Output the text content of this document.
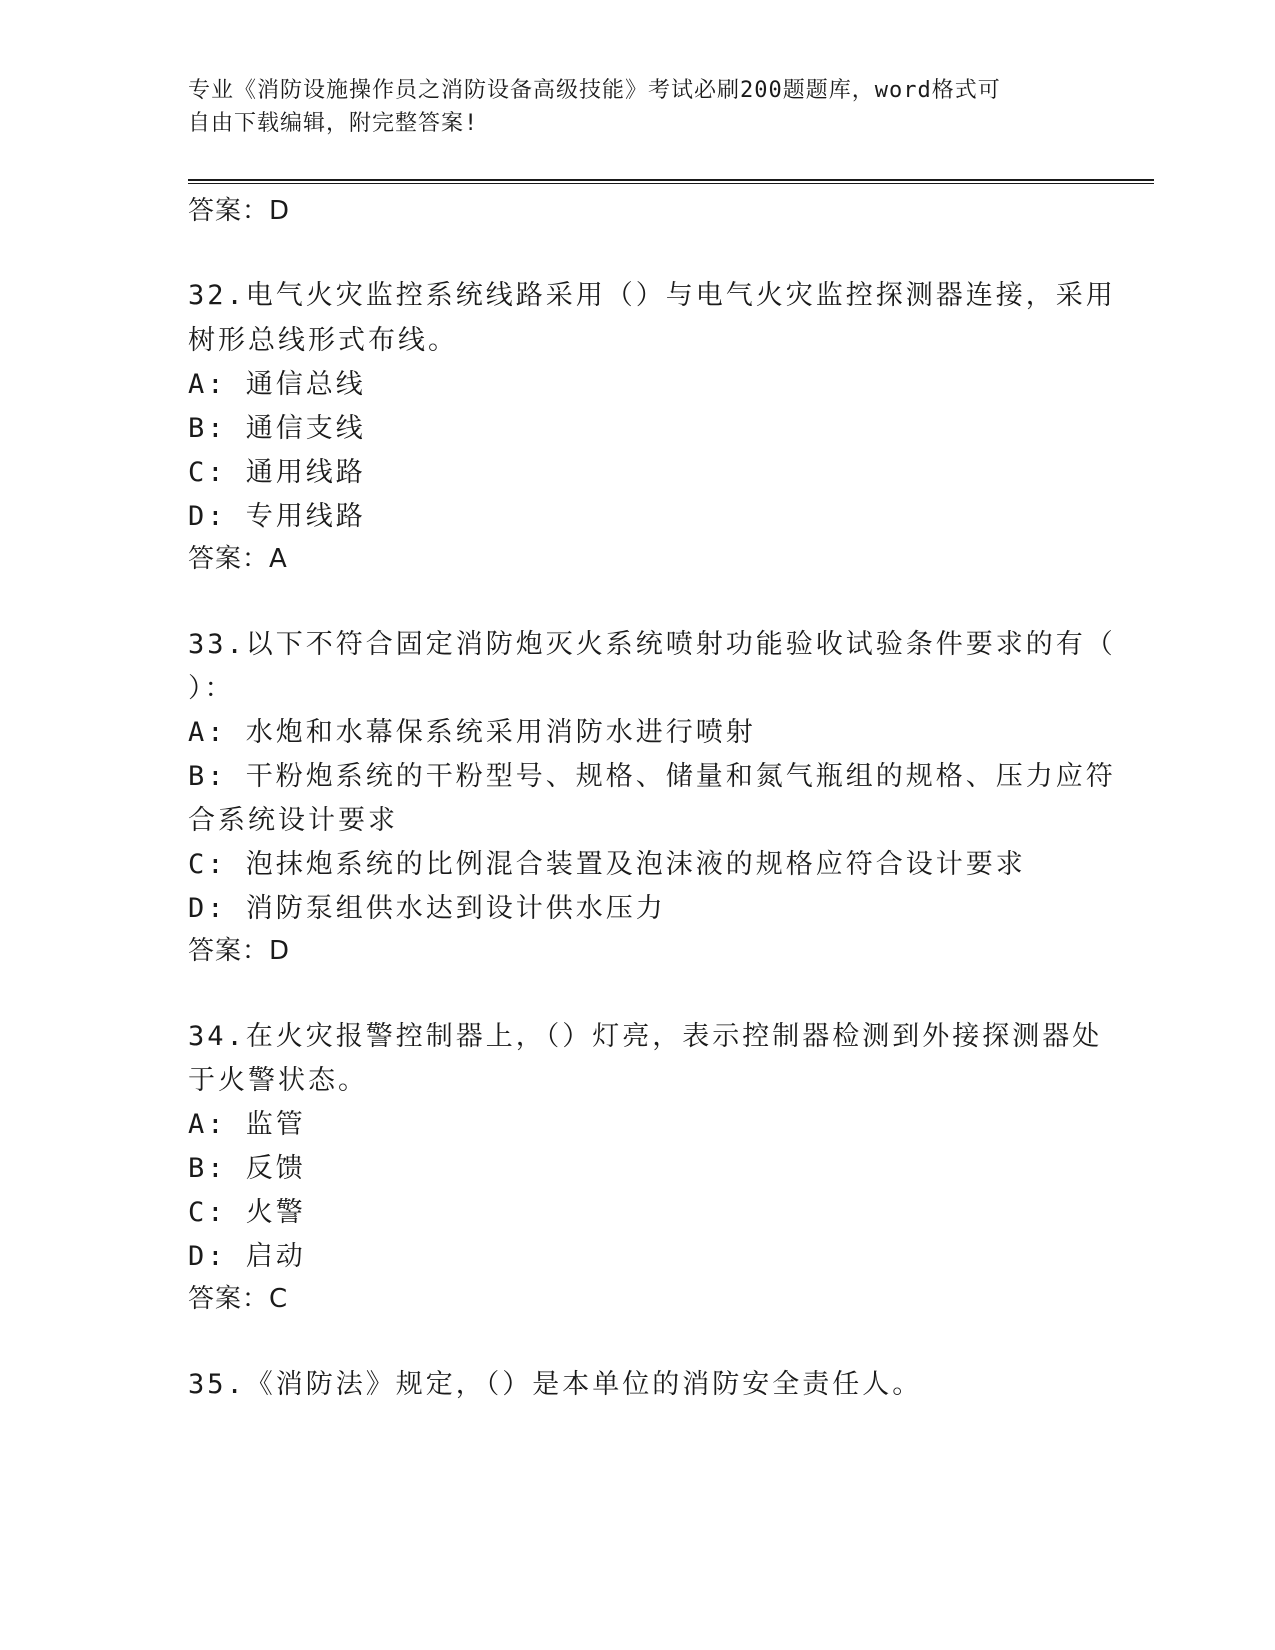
专业《消防设施操作员之消防设备高级技能》考试必刷200题题库，word格式可
自由下载编辑，附完整答案!
答案：D
32.电气火灾监控系统线路采用（）与电气火灾监控探测器连接，采用
树形总线形式布线。
A: 通信总线
B: 通信支线
C: 通用线路
D: 专用线路
答案：A
33.以下不符合固定消防炮灭火系统喷射功能验收试验条件要求的有（
）：
A: 水炮和水幕保系统采用消防水进行喷射
B: 干粉炮系统的干粉型号、规格、储量和氮气瓶组的规格、压力应符
合系统设计要求
C: 泡抹炮系统的比例混合装置及泡沫液的规格应符合设计要求
D: 消防泵组供水达到设计供水压力
答案：D
34.在火灾报警控制器上，（）灯亮，表示控制器检测到外接探测器处
于火警状态。
A: 监管
B: 反馈
C: 火警
D: 启动
答案：C
35.《消防法》规定，（）是本单位的消防安全责任人。
